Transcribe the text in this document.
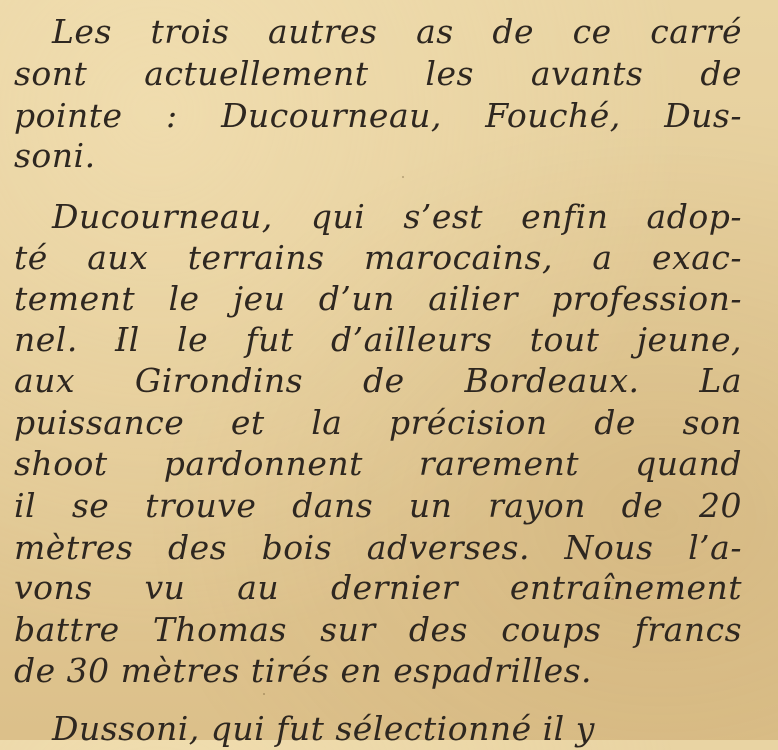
Les trois autres as de ce carré
sont actuellement les avants de
pointe : Ducourneau, Fouché, Dus-
soni.
Ducourneau, qui s’est enfin adop-
té aux terrains marocains, a exac-
tement le jeu d’un ailier profession-
nel. Il le fut d’ailleurs tout jeune,
aux Girondins de Bordeaux. La
puissance et la précision de son
shoot pardonnent rarement quand
il se trouve dans un rayon de 20
mètres des bois adverses. Nous l’a-
vons vu au dernier entraînement
battre Thomas sur des coups francs
de 30 mètres tirés en espadrilles.
Dussoni, qui fut sélectionné il y
